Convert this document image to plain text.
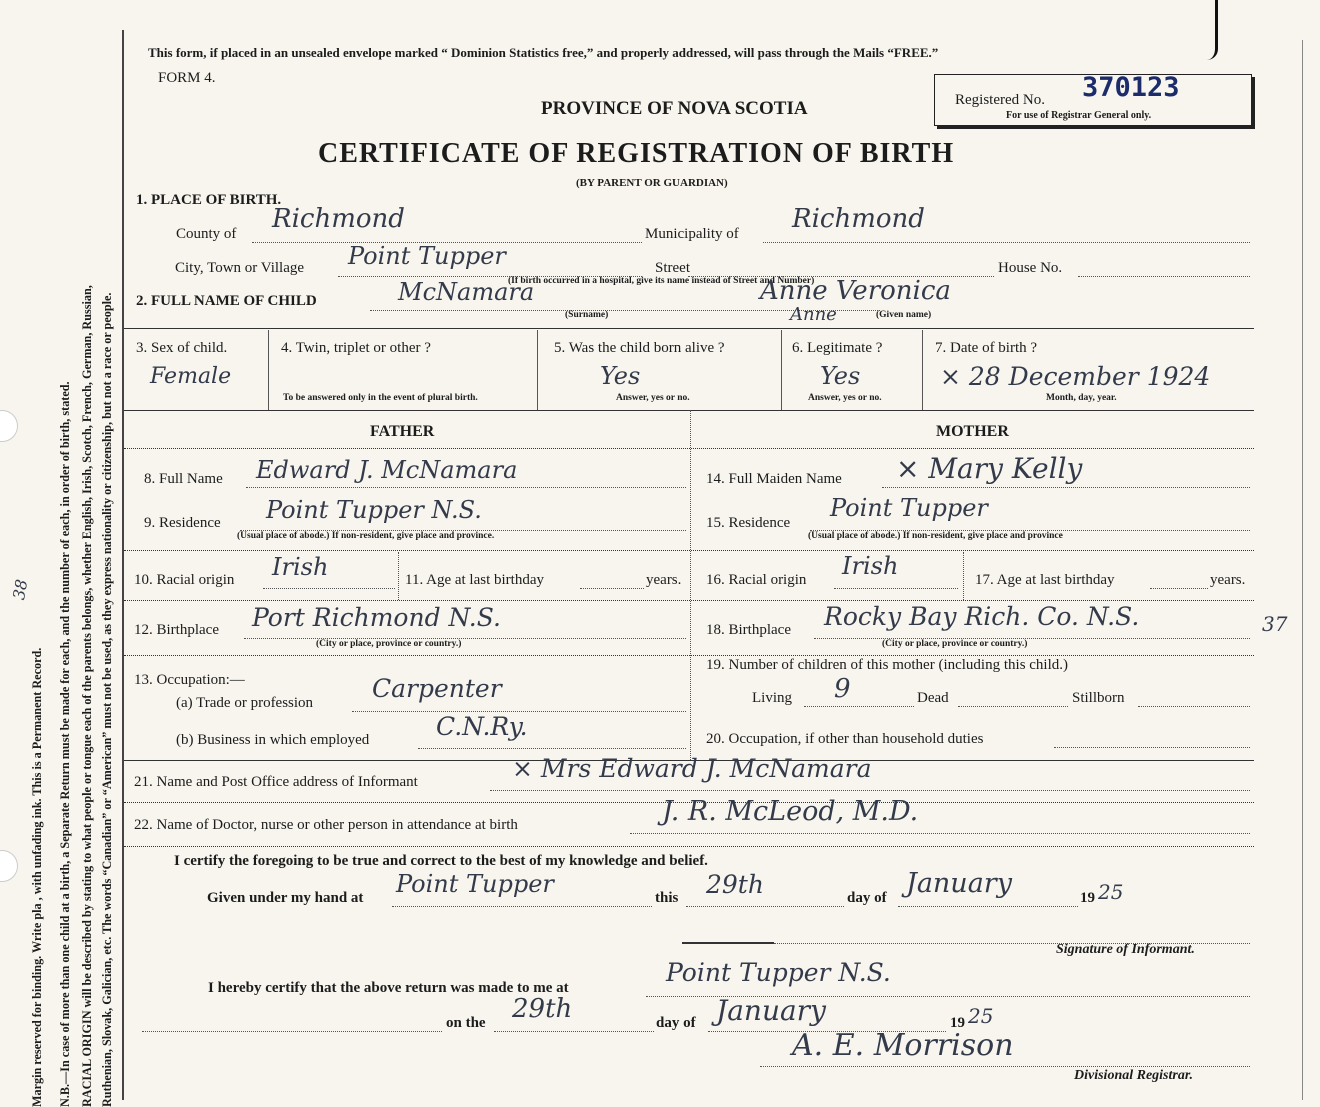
Margin reserved for binding. Write pla , with unfading ink. This is a Permanent Record. N.B.—In case of more than one child at a birth, a Separate Return must be made for each, and the number of each, in order of birth, stated. RACIAL ORIGIN will be described by stating to what people or tongue each of the parents belongs, whether English, Irish, Scotch, French, German, Russian, Ruthenian, Slovak, Galician, etc. The words “Canadian” or “American” must not be used, as they express nationality or citizenship, but not a race or people.
38
This form, if placed in an unsealed envelope marked “ Dominion Statistics free,” and properly addressed, will pass through the Mails “FREE.”
FORM 4.
PROVINCE OF NOVA SCOTIA
CERTIFICATE OF REGISTRATION OF BIRTH
(BY PARENT OR GUARDIAN)
Registered No. 370123
For use of Registrar General only.
1. PLACE OF BIRTH.
County of Richmond	Municipality of Richmond
City, Town or Village Point Tupper	Street	House No.
(If birth occurred in a hospital, give its name instead of Street and Number)
2. FULL NAME OF CHILD	McNamara	Anne Veronica
Anne
(Surname)	(Given name)
3. Sex of child.
Female
4. Twin, triplet or other ?
To be answered only in the event of plural birth.
5. Was the child born alive ?
Yes
Answer, yes or no.
6. Legitimate ?
Yes
Answer, yes or no.
7. Date of birth ?
× 28 December 1924
Month, day, year.
FATHER	MOTHER
8. Full Name Edward J. McNamara
9. Residence Point Tupper N.S.
(Usual place of abode.) If non-resident, give place and province.
10. Racial origin Irish	11. Age at last birthday	years.
12. Birthplace Port Richmond N.S.
(City or place, province or country.)
13. Occupation:—
(a) Trade or profession Carpenter
(b) Business in which employed	C.N.Ry.
14. Full Maiden Name × Mary Kelly
15. Residence
Point Tupper
(Usual place of abode.) If non-resident, give place and province
16. Racial origin Irish	17. Age at last birthday	years.
18. Birthplace Rocky Bay Rich. Co. N.S.	37
(City or place, province or country.)
19. Number of children of this mother (including this child.)
Living 9	Dead	Stillborn
20. Occupation, if other than household duties
21. Name and Post Office address of Informant	× Mrs Edward J. McNamara
22. Name of Doctor, nurse or other person in attendance at birth	J. R. McLeod, M.D.
I certify the foregoing to be true and correct to the best of my knowledge and belief.
Given under my hand at Point Tupper	this 29th	day of January	19 25
Signature of Informant.
I hereby certify that the above return was made to me at
Point Tupper N.S.
on the 29th	day of January	19 25
A. E. Morrison
Divisional Registrar.
